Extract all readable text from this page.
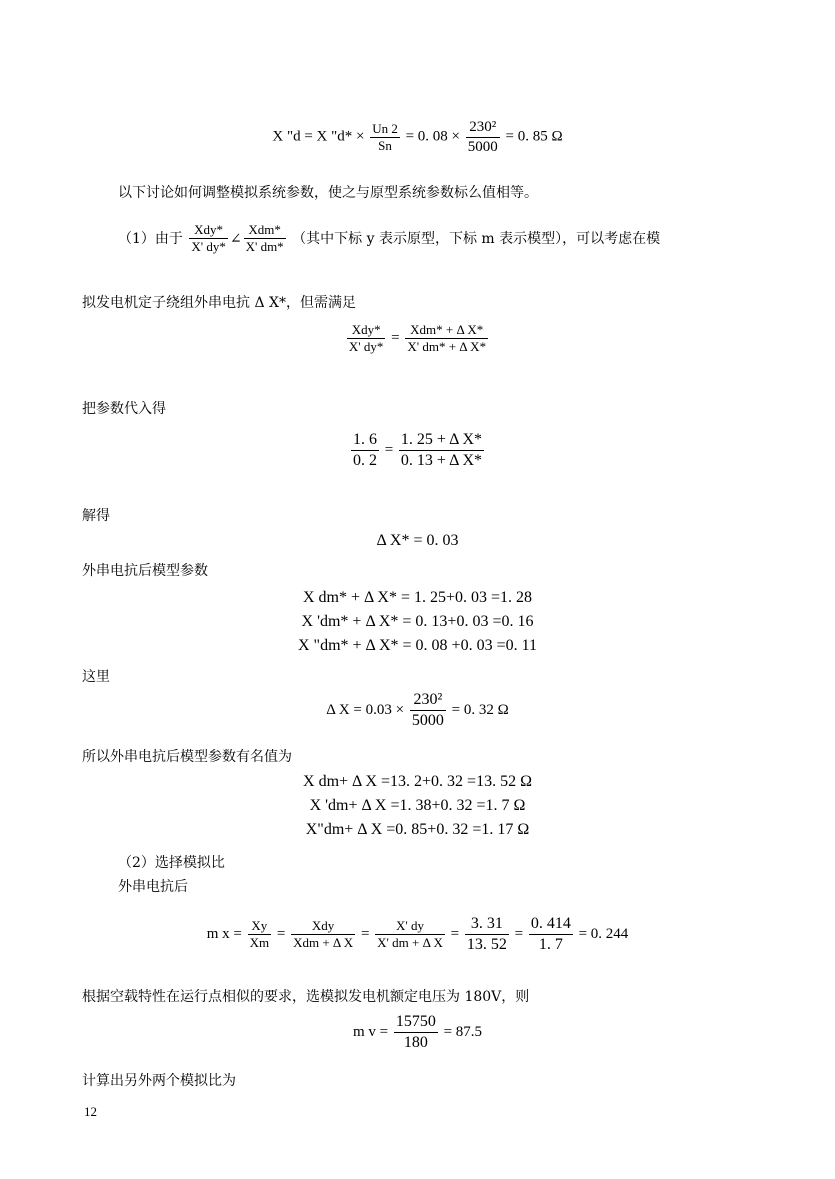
X "d = X "$d* \times \frac{Un 2}{Sn} = 0$. $08 \times \frac{\text{230²}}{5000} = 0$. 85 Ω
以下讨论如何调整模拟系统参数，使之与原型系统参数标么值相等。
（1）由于 $\frac{\text{Xdy*}}{X' dy*}$ ∠ $\frac{\text{Xdm*}}{X' dm*}$ （其中下标 y 表示原型，下标 m 表示模型），可以考虑在模
拟发电机定子绕组外串电抗 Δ X*，但需满足
$\frac{\text{Xdy*}}{X' dy*} = \frac{\text{Xdm* + Δ X*}}{\text{X' dm* + Δ X*}}$
把参数代入得
$\frac{1. 6}{0. 2} = \frac{\text{1. 25 + Δ X*}}{\text{0. 13 + Δ X*}}$
解得
Δ X* = 0. 03
外串电抗后模型参数
X dm* + Δ X* = 1. 25+0. 03 =1. 28
X 'dm* + Δ X* = 0. 13+0. 03 =0. 16
X "dm* + Δ X* = 0. 08 +0. 03 =0. 11
这里
Δ $X = 0.03 \times \frac{\text{230²}}{5000} = 0$. 32 Ω
所以外串电抗后模型参数有名值为
X dm+ Δ X =13. 2+0. 32 =13. 52 Ω
X 'dm+ Δ X =1. 38+0. 32 =1. 7 Ω
X"dm+ Δ X =0. 85+0. 32 =1. 17 Ω
（2）选择模拟比
外串电抗后
m $x = \frac{Xy}{Xm} = \frac{\text{Xdy}}{\text{Xdm + Δ X}} = \frac{X' dy}{\text{X' dm + Δ X}} = \frac{3. 31}{13. 52} = \frac{0. 414}{1. 7} = 0$. 244
根据空载特性在运行点相似的要求，选模拟发电机额定电压为 180V，则
m $v = \frac{15750}{180} = 87.5$
计算出另外两个模拟比为
12
